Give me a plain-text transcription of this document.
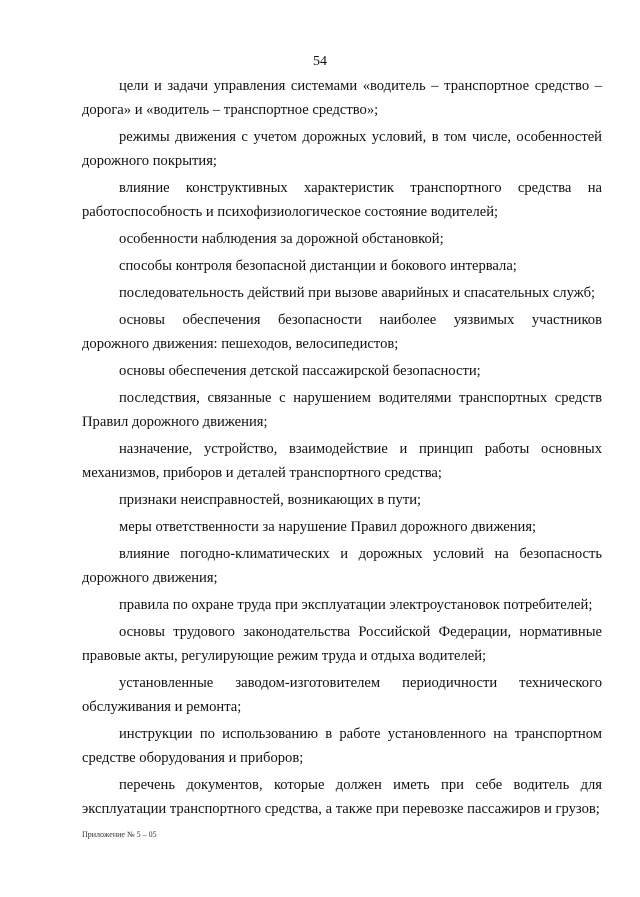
54

цели и задачи управления системами «водитель – транспортное средство – дорога» и «водитель – транспортное средство»;

режимы движения с учетом дорожных условий, в том числе, особенностей дорожного покрытия;

влияние конструктивных характеристик транспортного средства на работоспособность и психофизиологическое состояние водителей;

особенности наблюдения за дорожной обстановкой;

способы контроля безопасной дистанции и бокового интервала;

последовательность действий при вызове аварийных и спасательных служб;

основы обеспечения безопасности наиболее уязвимых участников дорожного движения: пешеходов, велосипедистов;

основы обеспечения детской пассажирской безопасности;

последствия, связанные с нарушением водителями транспортных средств Правил дорожного движения;

назначение, устройство, взаимодействие и принцип работы основных механизмов, приборов и деталей транспортного средства;

признаки неисправностей, возникающих в пути;

меры ответственности за нарушение Правил дорожного движения;

влияние погодно-климатических и дорожных условий на безопасность дорожного движения;

правила по охране труда при эксплуатации электроустановок потребителей;

основы трудового законодательства Российской Федерации, нормативные правовые акты, регулирующие режим труда и отдыха водителей;

установленные заводом-изготовителем периодичности технического обслуживания и ремонта;

инструкции по использованию в работе установленного на транспортном средстве оборудования и приборов;

перечень документов, которые должен иметь при себе водитель для эксплуатации транспортного средства, а также при перевозке пассажиров и грузов;

Приложение № 5 – 05
